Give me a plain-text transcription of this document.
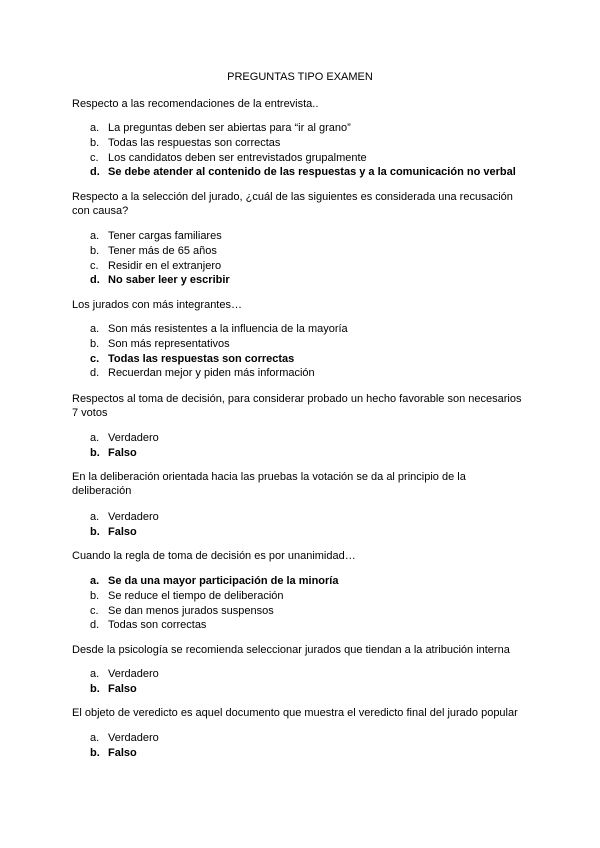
PREGUNTAS TIPO EXAMEN
Respecto a las recomendaciones de la entrevista..
a. La preguntas deben ser abiertas para “ir al grano”
b. Todas las respuestas son correctas
c. Los candidatos deben ser entrevistados grupalmente
d. Se debe atender al contenido de las respuestas y a la comunicación no verbal
Respecto a la selección del jurado, ¿cuál de las siguientes es considerada una recusación con causa?
a. Tener cargas familiares
b. Tener más de 65 años
c. Residir en el extranjero
d. No saber leer y escribir
Los jurados con más integrantes…
a. Son más resistentes a la influencia de la mayoría
b. Son más representativos
c. Todas las respuestas son correctas
d. Recuerdan mejor y piden más información
Respectos al toma de decisión, para considerar probado un hecho favorable son necesarios 7 votos
a. Verdadero
b. Falso
En la deliberación orientada hacia las pruebas la votación se da al principio de la deliberación
a. Verdadero
b. Falso
Cuando la regla de toma de decisión es por unanimidad…
a. Se da una mayor participación de la minoría
b. Se reduce el tiempo de deliberación
c. Se dan menos jurados suspensos
d. Todas son correctas
Desde la psicología se recomienda seleccionar jurados que tiendan a la atribución interna
a. Verdadero
b. Falso
El objeto de veredicto es aquel documento que muestra el veredicto final del jurado popular
a. Verdadero
b. Falso
